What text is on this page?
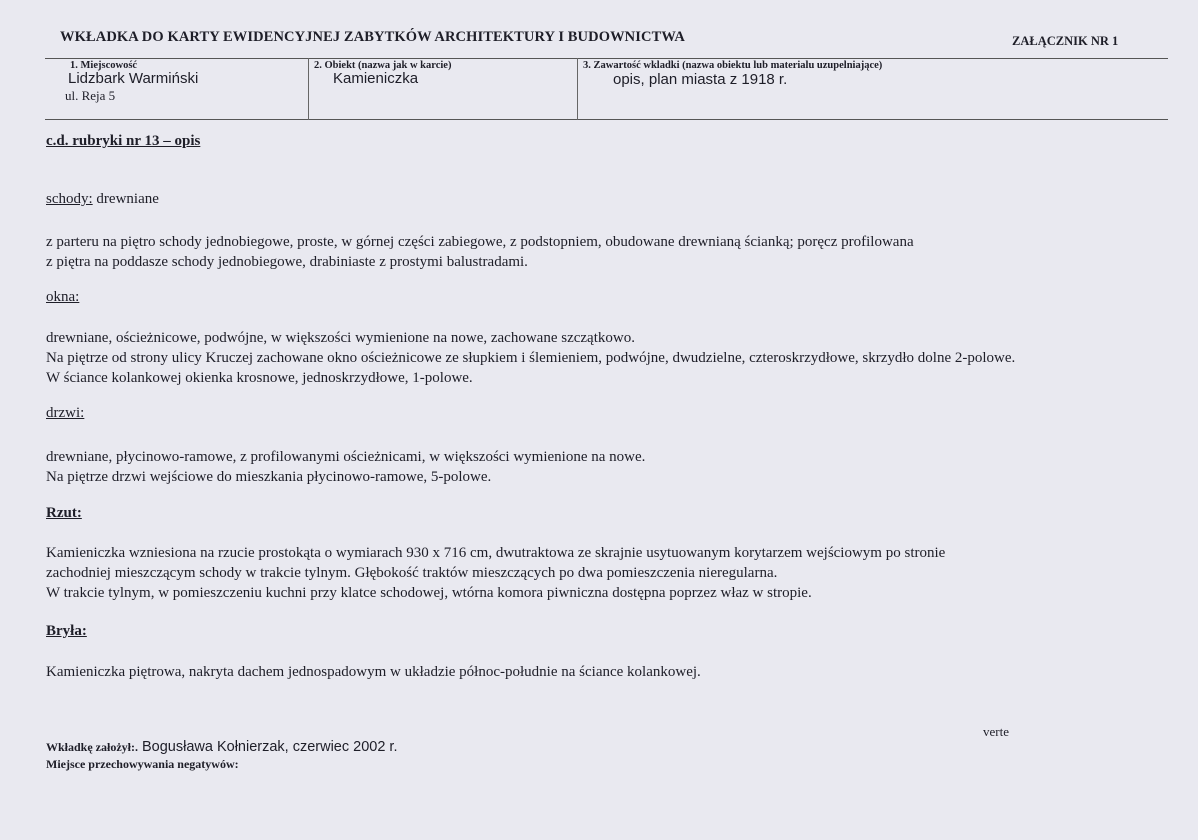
WKŁADKA DO KARTY EWIDENCYJNEJ ZABYTKÓW ARCHITEKTURY I BUDOWNICTWA	ZAŁĄCZNIK NR 1
1. Miejscowość
Lidzbark Warmiński
ul. Reja 5
2. Obiekt (nazwa jak w karcie)
Kamieniczka
3. Zawartość wkladki (nazwa obiektu lub materialu uzupelniające)
opis, plan miasta z 1918 r.
c.d. rubryki nr 13 – opis
schody: drewniane
z parteru na piętro schody jednobiegowe, proste, w górnej części zabiegowe, z podstopniem, obudowane drewnianą ścianką; poręcz profilowana
z piętra na poddasze schody jednobiegowe, drabiniaste z prostymi balustradami.
okna:
drewniane, ościeżnicowe, podwójne, w większości wymienione na nowe, zachowane szczątkowo.
Na piętrze od strony ulicy Kruczej zachowane okno ościeżnicowe ze słupkiem i ślemieniem, podwójne, dwudzielne, czteroskrzydłowe, skrzydło dolne 2-polowe.
W ściance kolankowej okienka krosnowe, jednoskrzydłowe, 1-polowe.
drzwi:
drewniane, płycinowo-ramowe, z profilowanymi ościeżnicami, w większości wymienione na nowe.
Na piętrze drzwi wejściowe do mieszkania płycinowo-ramowe, 5-polowe.
Rzut:
Kamieniczka wzniesiona na rzucie prostokąta o wymiarach 930 x 716 cm, dwutraktowa ze skrajnie usytuowanym korytarzem wejściowym po stronie
zachodniej mieszczącym schody w trakcie tylnym. Głębokość traktów mieszczących po dwa pomieszczenia nieregularna.
W trakcie tylnym, w pomieszczeniu kuchni przy klatce schodowej, wtórna komora piwniczna dostępna poprzez właz w stropie.
Bryła:
Kamieniczka piętrowa, nakryta dachem jednospadowym w układzie północ-południe na ściance kolankowej.
verte
Wkładkę założył:. Bogusława Kołnierzak, czerwiec 2002 r.
Miejsce przechowywania negatywów:
